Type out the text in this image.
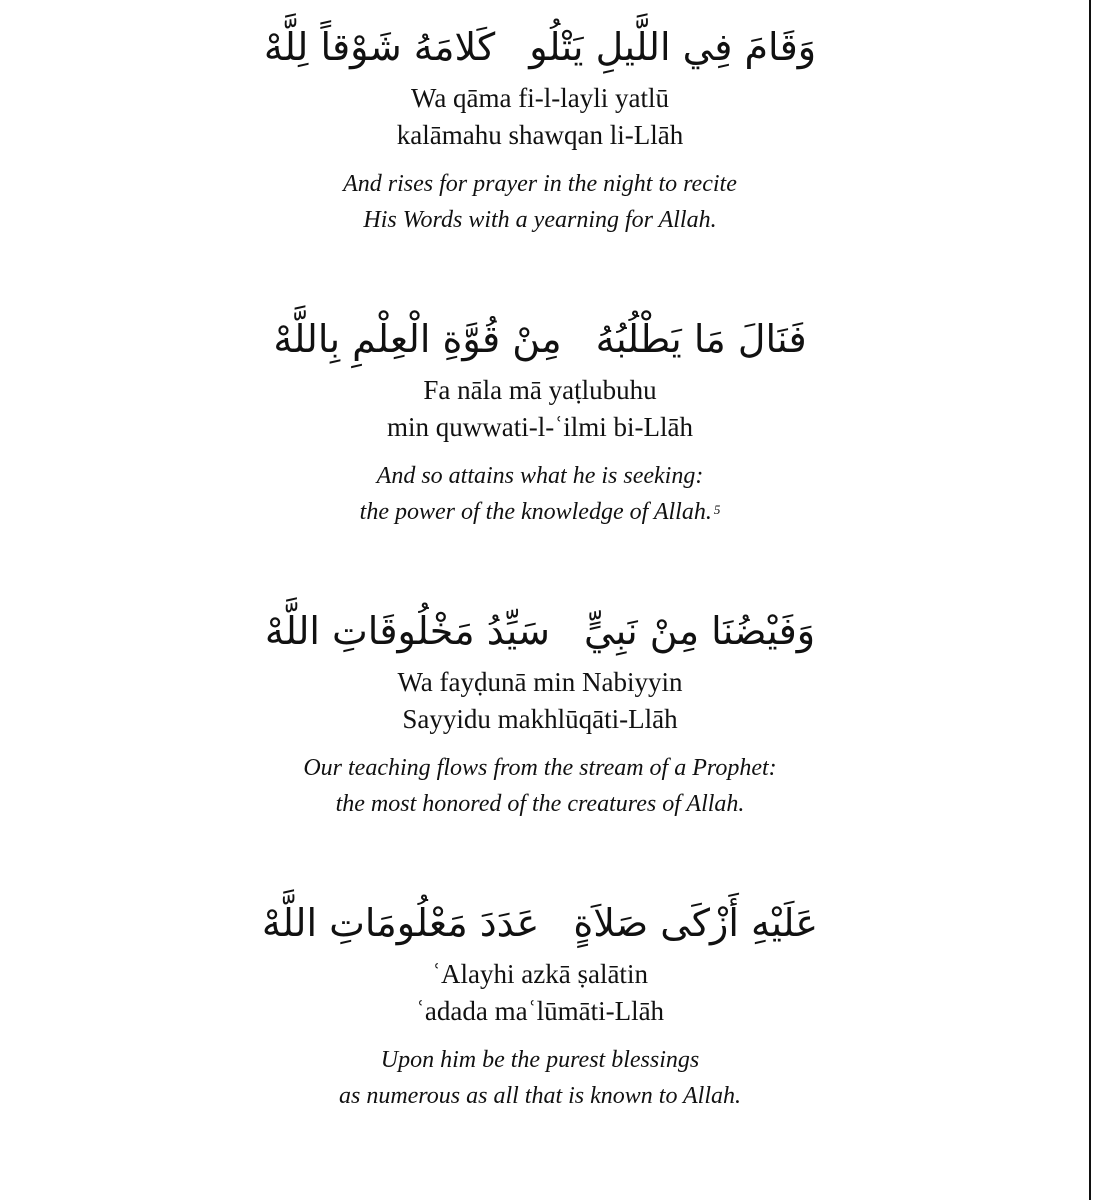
وَقَامَ فِي اللَّيلِ يَتْلُوكَلامَهُ شَوْقاً لِلَّهْ
Wa qāma fi-l-layli yatlū
kalāmahu shawqan li-Llāh
And rises for prayer in the night to recite
His Words with a yearning for Allah.
فَنَالَ مَا يَطْلُبُهُمِنْ قُوَّةِ الْعِلْمِ بِاللَّهْ
Fa nāla mā yaṭlubuhu
min quwwati-l-ʿilmi bi-Llāh
And so attains what he is seeking:
the power of the knowledge of Allah. $^5$
وَفَيْضُنَا مِنْ نَبِيٍّسَيِّدُ مَخْلُوقَاتِ اللَّهْ
Wa fayḍunā min Nabiyyin
Sayyidu makhlūqāti-Llāh
Our teaching flows from the stream of a Prophet:
the most honored of the creatures of Allah.
عَلَيْهِ أَزْكَى صَلاَةٍعَدَدَ مَعْلُومَاتِ اللَّهْ
ʿAlayhi azkā ṣalātin
ʿadada maʿlūmāti-Llāh
Upon him be the purest blessings
as numerous as all that is known to Allah.
